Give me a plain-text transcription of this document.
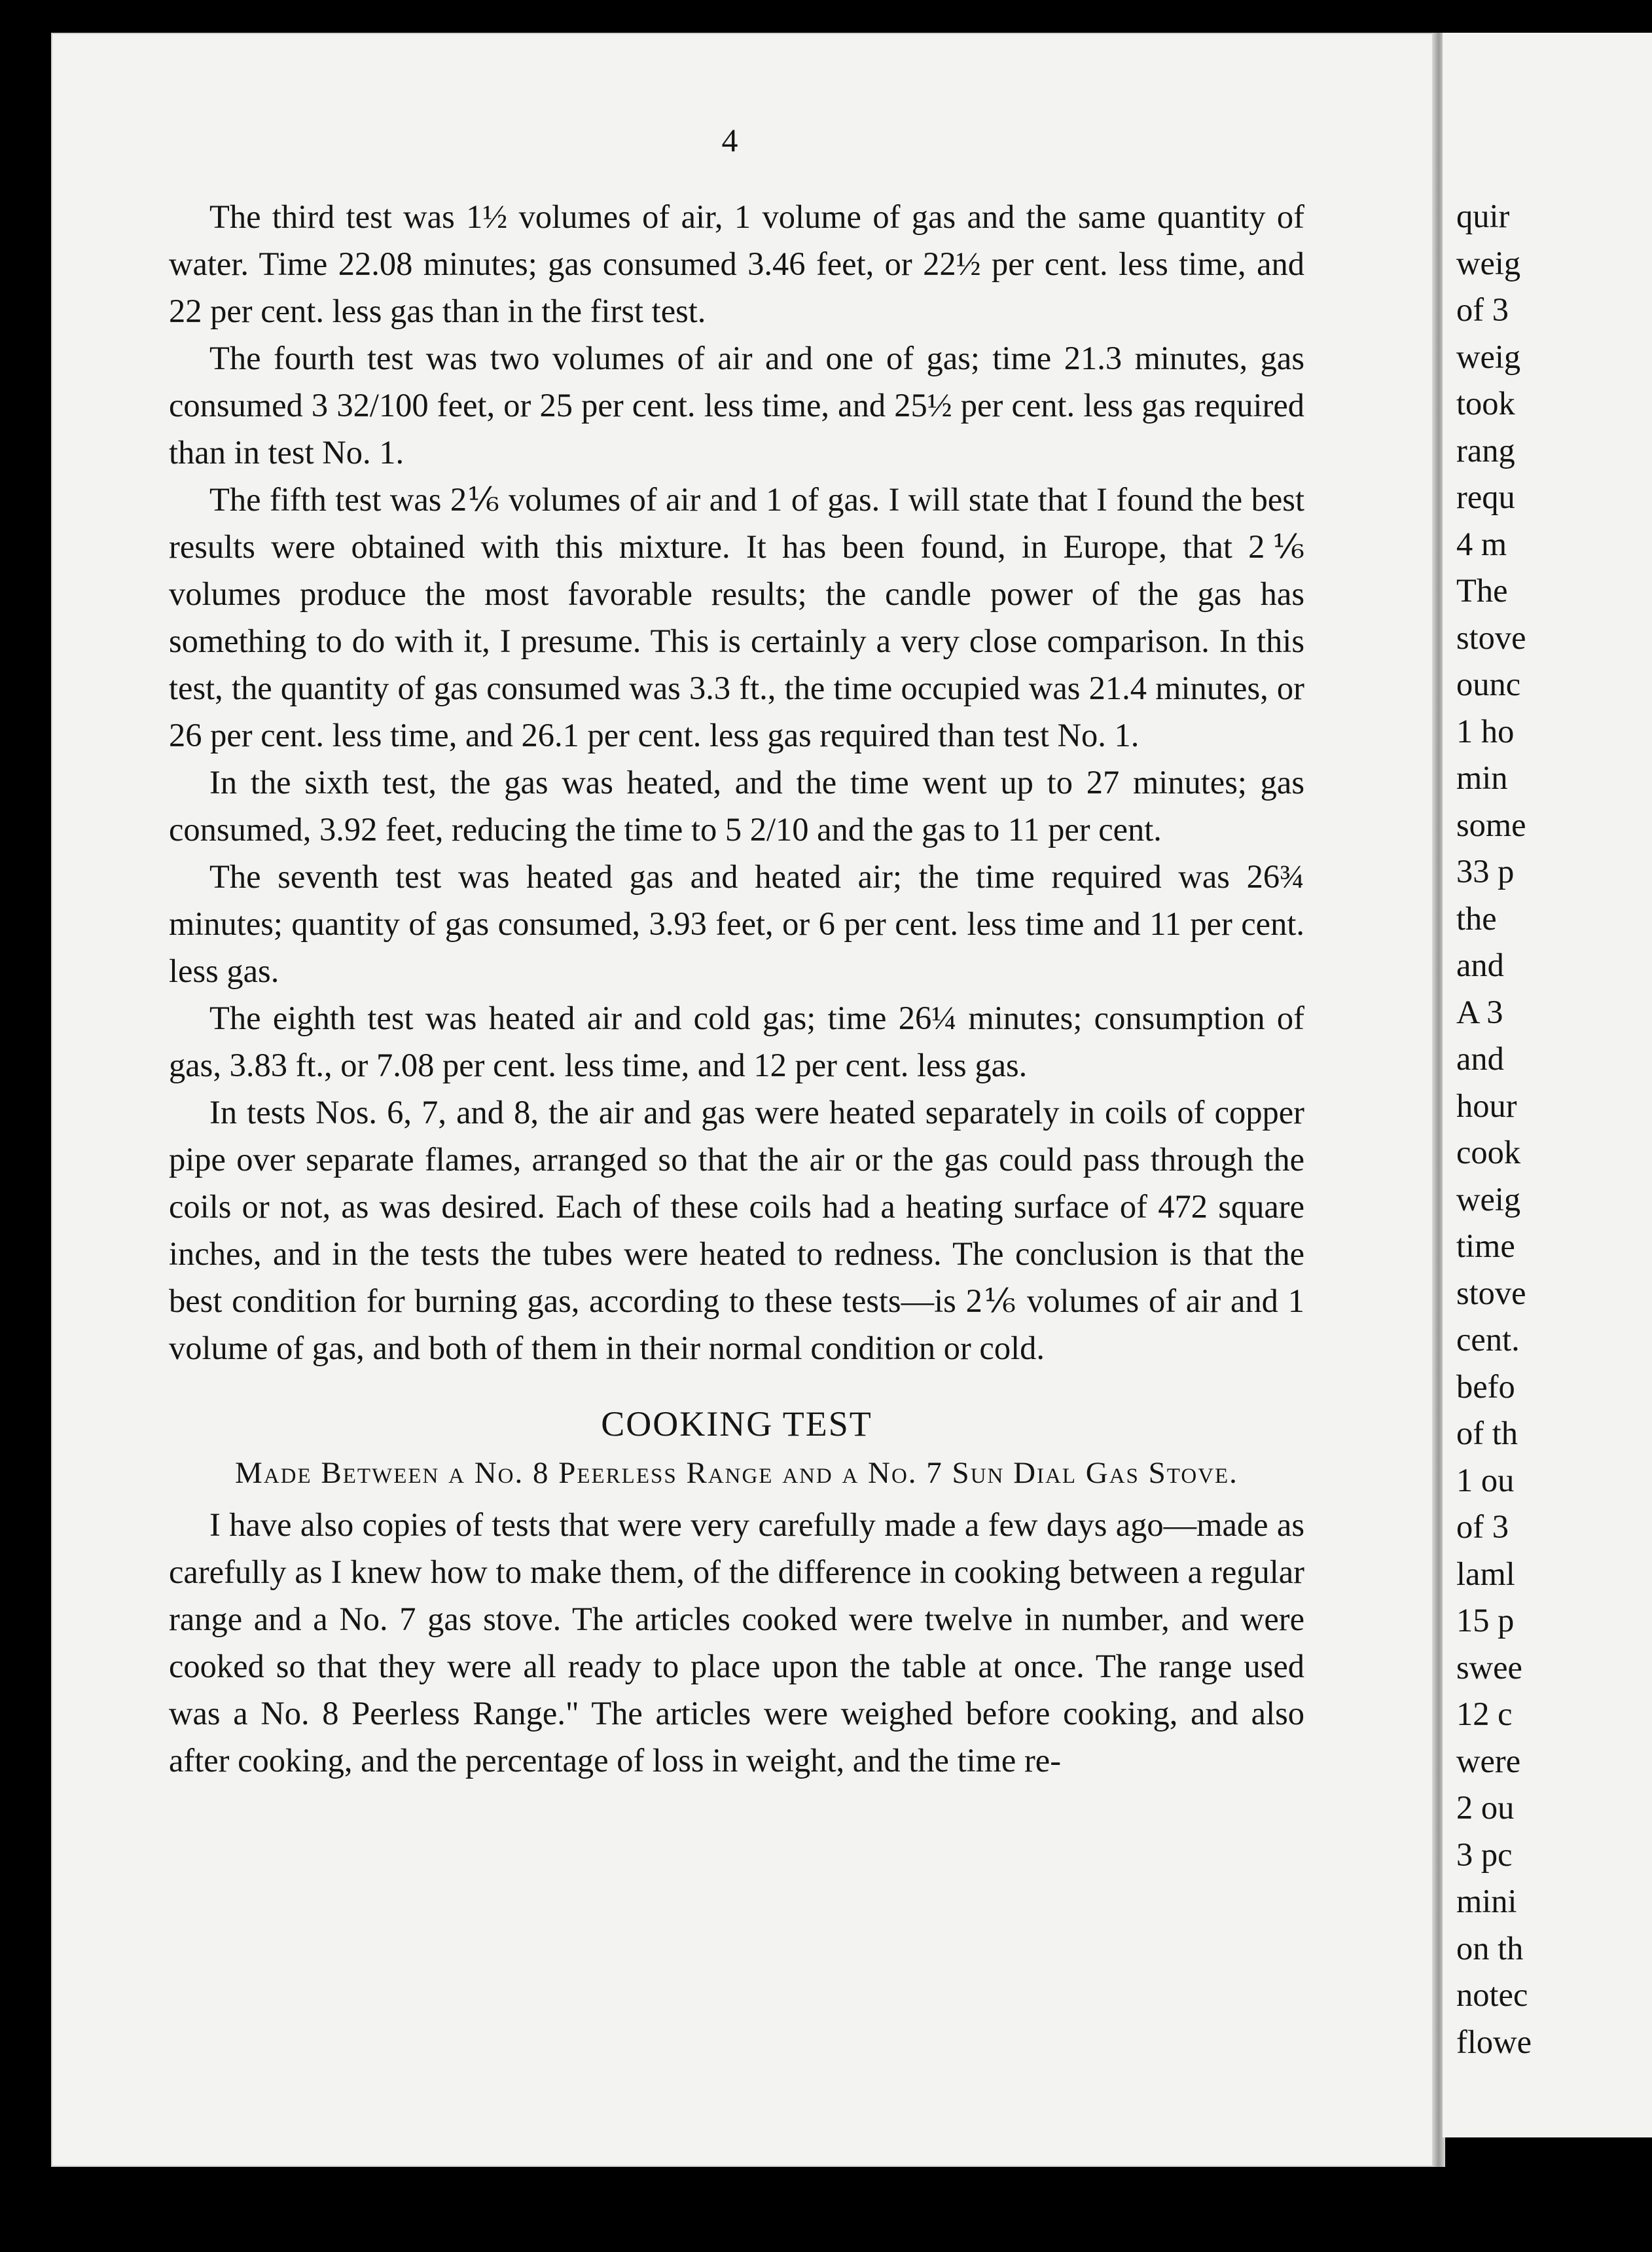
4

The third test was 1½ volumes of air, 1 volume of gas and the same quantity of water. Time 22.08 minutes; gas consumed 3.46 feet, or 22½ per cent. less time, and 22 per cent. less gas than in the first test.

The fourth test was two volumes of air and one of gas; time 21.3 minutes, gas consumed 3 32/100 feet, or 25 per cent. less time, and 25½ per cent. less gas required than in test No. 1.

The fifth test was 2⅙ volumes of air and 1 of gas. I will state that I found the best results were obtained with this mixture. It has been found, in Europe, that 2⅙ volumes produce the most favorable results; the candle power of the gas has something to do with it, I presume. This is certainly a very close comparison. In this test, the quantity of gas consumed was 3.3 ft., the time occupied was 21.4 minutes, or 26 per cent. less time, and 26.1 per cent. less gas required than test No. 1.

In the sixth test, the gas was heated, and the time went up to 27 minutes; gas consumed, 3.92 feet, reducing the time to 5 2/10 and the gas to 11 per cent.

The seventh test was heated gas and heated air; the time required was 26¾ minutes; quantity of gas consumed, 3.93 feet, or 6 per cent. less time and 11 per cent. less gas.

The eighth test was heated air and cold gas; time 26¼ minutes; consumption of gas, 3.83 ft., or 7.08 per cent. less time, and 12 per cent. less gas.

In tests Nos. 6, 7, and 8, the air and gas were heated separately in coils of copper pipe over separate flames, arranged so that the air or the gas could pass through the coils or not, as was desired. Each of these coils had a heating surface of 472 square inches, and in the tests the tubes were heated to redness. The conclusion is that the best condition for burning gas, according to these tests—is 2⅙ volumes of air and 1 volume of gas, and both of them in their normal condition or cold.

COOKING TEST
Made Between a No. 8 Peerless Range and a No. 7 Sun Dial Gas Stove.

I have also copies of tests that were very carefully made a few days ago—made as carefully as I knew how to make them, of the difference in cooking between a regular range and a No. 7 gas stove. The articles cooked were twelve in number, and were cooked so that they were all ready to place upon the table at once. The range used was a No. 8 Peerless Range." The articles were weighed before cooking, and also after cooking, and the percentage of loss in weight, and the time re-

quir
weig
of 3
weig
took
rang
requ
4 m
The
stove
ounc
1 ho
min
some
33 p
the
and
A 3
and
hour
cook
weig
time
stove
cent.
befo
of th
1 ou
of 3
laml
15 p
swee
12 c
were
2 ou
3 pc
mini
on th
notec
flowe
